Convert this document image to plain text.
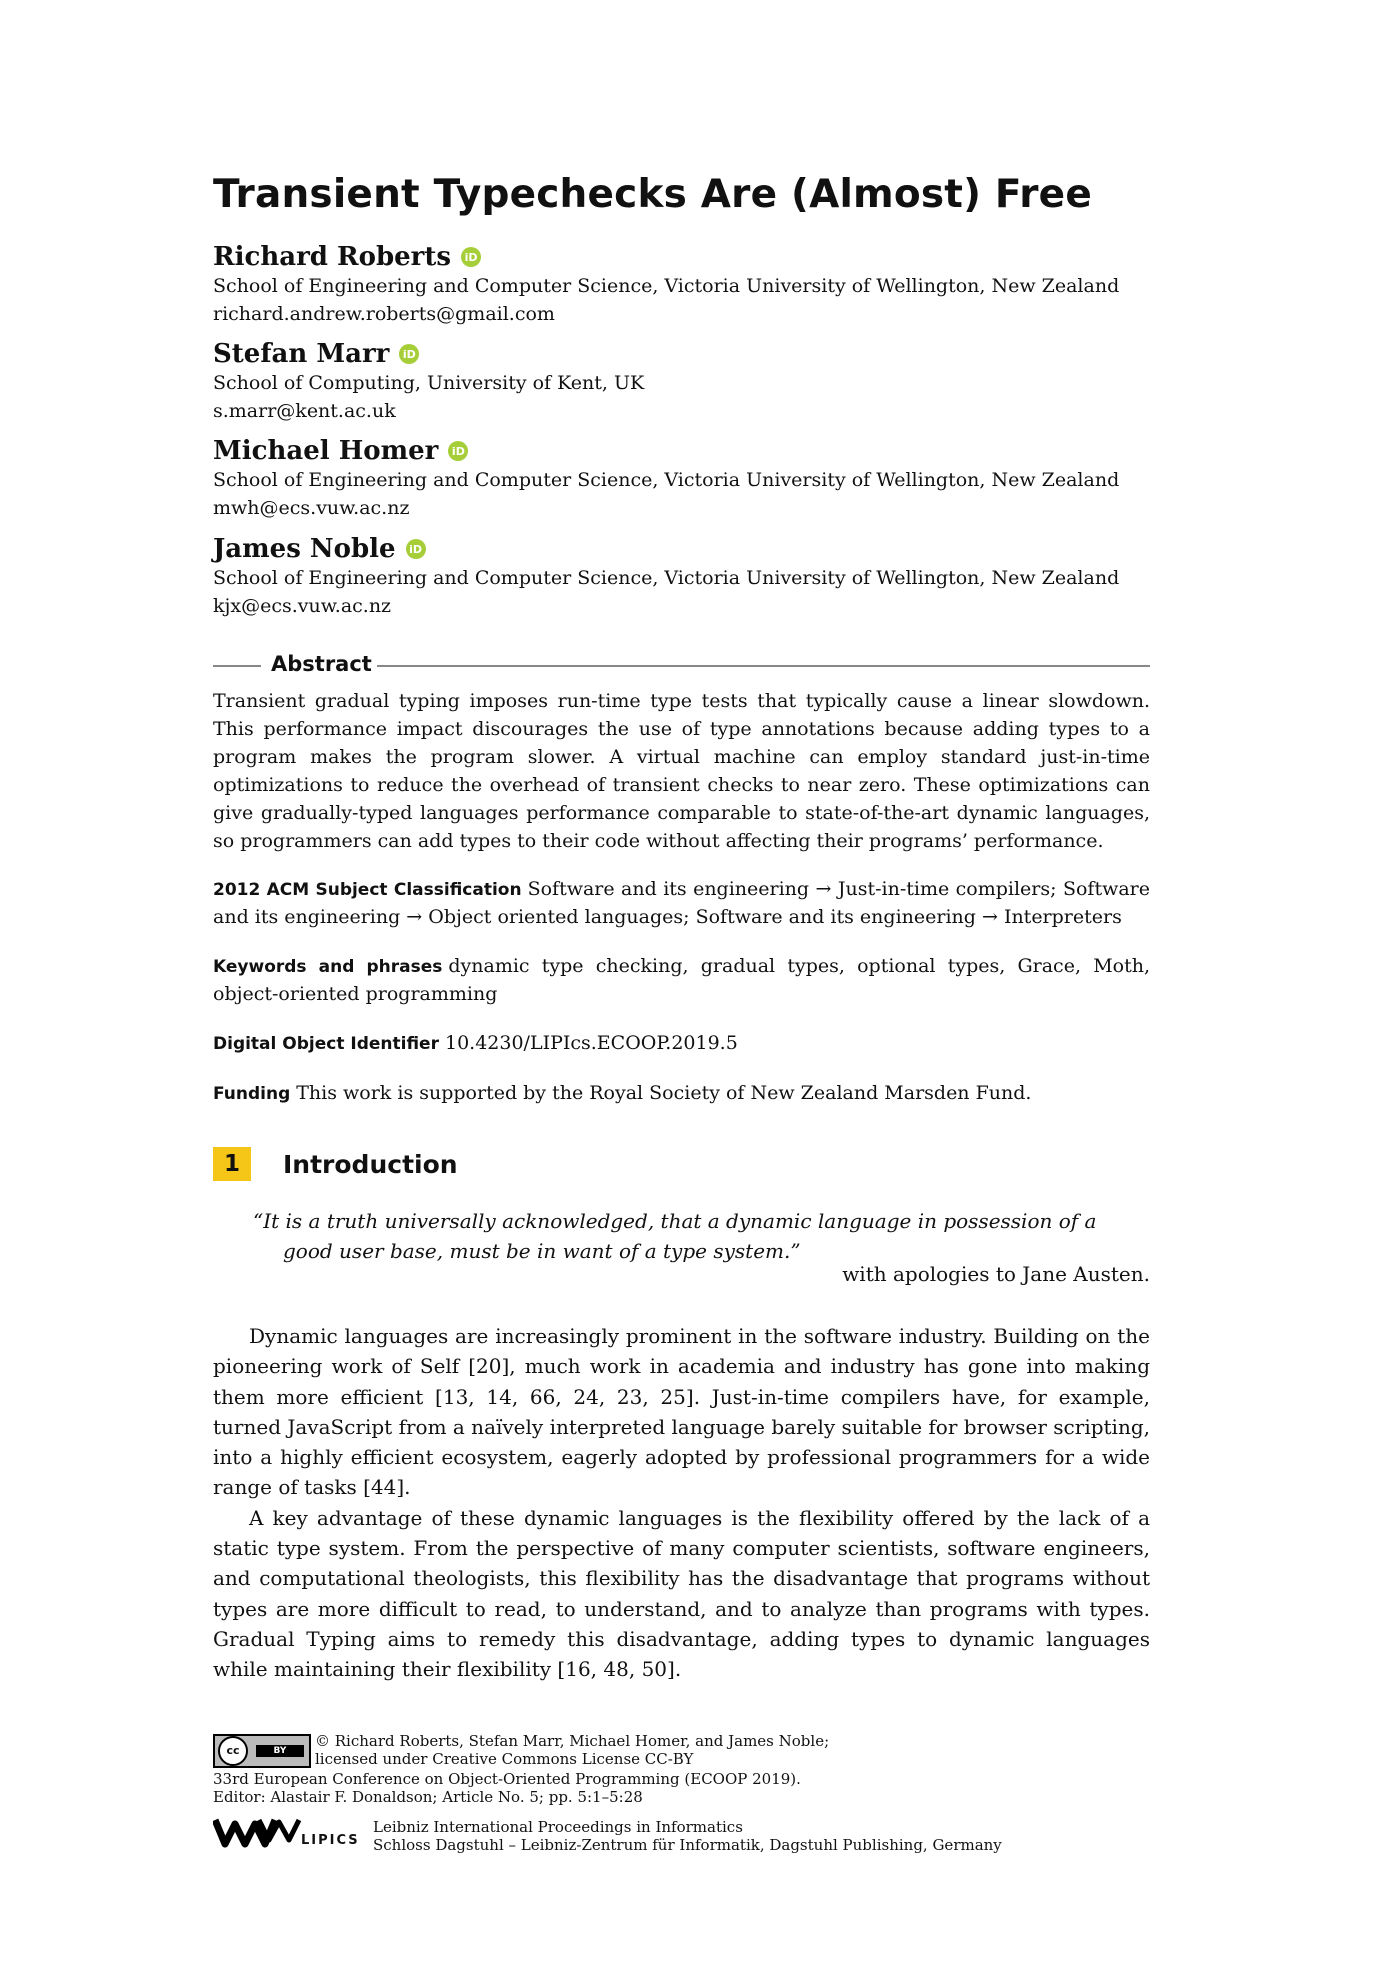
Transient Typechecks Are (Almost) Free
Richard Roberts	iD
School of Engineering and Computer Science, Victoria University of Wellington, New Zealand
richard.andrew.roberts@gmail.com
Stefan Marr	iD
School of Computing, University of Kent, UK
s.marr@kent.ac.uk
Michael Homer	iD
School of Engineering and Computer Science, Victoria University of Wellington, New Zealand
mwh@ecs.vuw.ac.nz
James Noble	iD
School of Engineering and Computer Science, Victoria University of Wellington, New Zealand
kjx@ecs.vuw.ac.nz
Abstract
Transient gradual typing imposes run-time type tests that typically cause a linear slowdown. This performance impact discourages the use of type annotations because adding types to a program makes the program slower. A virtual machine can employ standard just-in-time optimizations to reduce the overhead of transient checks to near zero. These optimizations can give gradually-typed languages performance comparable to state-of-the-art dynamic languages, so programmers can add types to their code without affecting their programs’ performance.
2012 ACM Subject Classification Software and its engineering → Just-in-time compilers; Software and its engineering → Object oriented languages; Software and its engineering → Interpreters
Keywords and phrases dynamic type checking, gradual types, optional types, Grace, Moth, object-oriented programming
Digital Object Identifier 10.4230/LIPIcs.ECOOP.2019.5
Funding This work is supported by the Royal Society of New Zealand Marsden Fund.
1	Introduction
“It is a truth universally acknowledged, that a dynamic language in possession of a
good user base, must be in want of a type system.”
with apologies to Jane Austen.

Dynamic languages are increasingly prominent in the software industry. Building on the pioneering work of Self [20], much work in academia and industry has gone into making them more efficient [13, 14, 66, 24, 23, 25]. Just-in-time compilers have, for example, turned JavaScript from a naïvely interpreted language barely suitable for browser scripting, into a highly efficient ecosystem, eagerly adopted by professional programmers for a wide range of tasks [44].

A key advantage of these dynamic languages is the flexibility offered by the lack of a static type system. From the perspective of many computer scientists, software engineers, and computational theologists, this flexibility has the disadvantage that programs without types are more difficult to read, to understand, and to analyze than programs with types. Gradual Typing aims to remedy this disadvantage, adding types to dynamic languages while maintaining their flexibility [16, 48, 50].

cc	BY
© Richard Roberts, Stefan Marr, Michael Homer, and James Noble;
licensed under Creative Commons License CC-BY
33rd European Conference on Object-Oriented Programming (ECOOP 2019).
Editor: Alastair F. Donaldson; Article No. 5; pp. 5:1–5:28
LIPICS
Leibniz International Proceedings in Informatics
Schloss Dagstuhl – Leibniz-Zentrum für Informatik, Dagstuhl Publishing, Germany
